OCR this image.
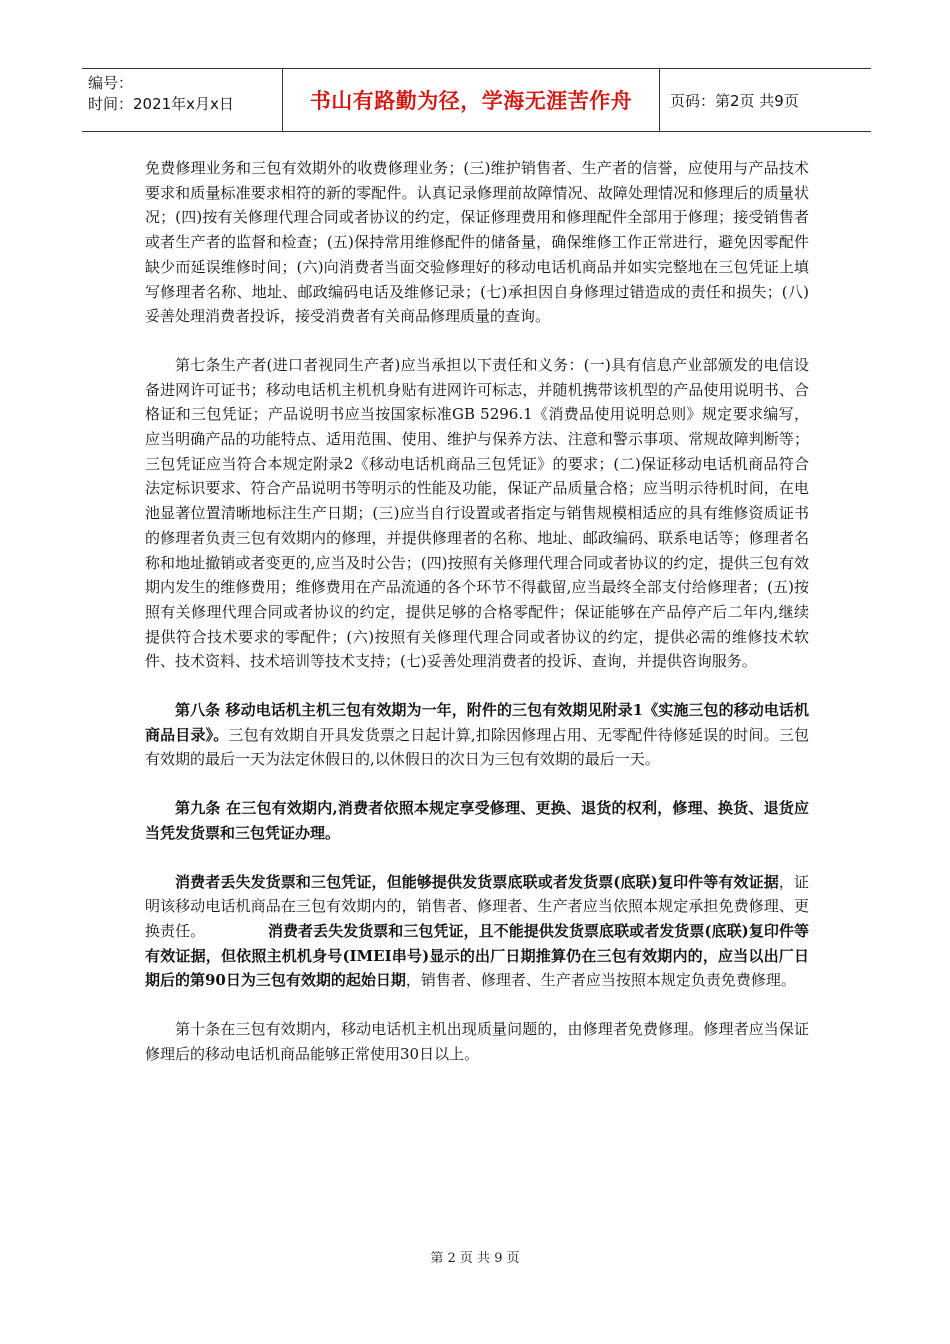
编号：
时间：2021年x月x日	书山有路勤为径，学海无涯苦作舟	页码：第2页 共9页

免费修理业务和三包有效期外的收费修理业务；(三)维护销售者、生产者的信誉，应使用与产品技术要求和质量标准要求相符的新的零配件。认真记录修理前故障情况、故障处理情况和修理后的质量状况；(四)按有关修理代理合同或者协议的约定，保证修理费用和修理配件全部用于修理；接受销售者或者生产者的监督和检查；(五)保持常用维修配件的储备量，确保维修工作正常进行，避免因零配件缺少而延误维修时间；(六)向消费者当面交验修理好的移动电话机商品并如实完整地在三包凭证上填写修理者名称、地址、邮政编码电话及维修记录；(七)承担因自身修理过错造成的责任和损失；(八)妥善处理消费者投诉，接受消费者有关商品修理质量的查询。

第七条生产者(进口者视同生产者)应当承担以下责任和义务：(一)具有信息产业部颁发的电信设备进网许可证书；移动电话机主机机身贴有进网许可标志，并随机携带该机型的产品使用说明书、合格证和三包凭证；产品说明书应当按国家标准GB 5296.1《消费品使用说明总则》规定要求编写，应当明确产品的功能特点、适用范围、使用、维护与保养方法、注意和警示事项、常规故障判断等；三包凭证应当符合本规定附录2《移动电话机商品三包凭证》的要求；(二)保证移动电话机商品符合法定标识要求、符合产品说明书等明示的性能及功能，保证产品质量合格；应当明示待机时间，在电池显著位置清晰地标注生产日期；(三)应当自行设置或者指定与销售规模相适应的具有维修资质证书的修理者负责三包有效期内的修理，并提供修理者的名称、地址、邮政编码、联系电话等；修理者名称和地址撤销或者变更的,应当及时公告；(四)按照有关修理代理合同或者协议的约定，提供三包有效期内发生的维修费用；维修费用在产品流通的各个环节不得截留,应当最终全部支付给修理者；(五)按照有关修理代理合同或者协议的约定，提供足够的合格零配件；保证能够在产品停产后二年内,继续提供符合技术要求的零配件；(六)按照有关修理代理合同或者协议的约定，提供必需的维修技术软件、技术资料、技术培训等技术支持；(七)妥善处理消费者的投诉、查询，并提供咨询服务。

第八条 移动电话机主机三包有效期为一年，附件的三包有效期见附录1《实施三包的移动电话机商品目录》。三包有效期自开具发货票之日起计算,扣除因修理占用、无零配件待修延误的时间。三包有效期的最后一天为法定休假日的,以休假日的次日为三包有效期的最后一天。

第九条 在三包有效期内,消费者依照本规定享受修理、更换、退货的权利，修理、换货、退货应当凭发货票和三包凭证办理。

消费者丢失发货票和三包凭证，但能够提供发货票底联或者发货票(底联)复印件等有效证据，证明该移动电话机商品在三包有效期内的，销售者、修理者、生产者应当依照本规定承担免费修理、更换责任。	消费者丢失发货票和三包凭证，且不能提供发货票底联或者发货票(底联)复印件等有效证据，但依照主机机身号(IMEI串号)显示的出厂日期推算仍在三包有效期内的，应当以出厂日期后的第90日为三包有效期的起始日期，销售者、修理者、生产者应当按照本规定负责免费修理。

第十条在三包有效期内，移动电话机主机出现质量问题的，由修理者免费修理。修理者应当保证修理后的移动电话机商品能够正常使用30日以上。

第 2 页 共 9 页
